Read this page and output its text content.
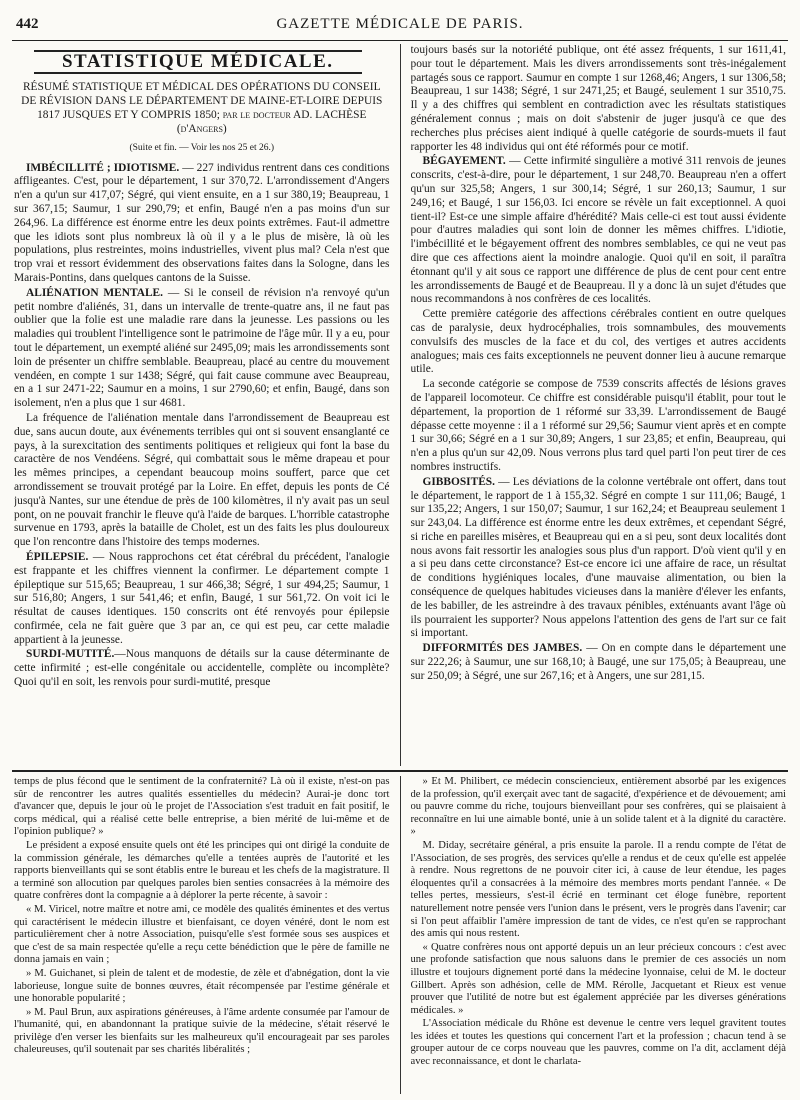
442	GAZETTE MÉDICALE DE PARIS.
STATISTIQUE MÉDICALE.

RÉSUMÉ STATISTIQUE ET MÉDICAL DES OPÉRATIONS DU CONSEIL DE RÉVISION DANS LE DÉPARTEMENT DE MAINE-ET-LOIRE DEPUIS 1817 JUSQUES ET Y COMPRIS 1850; par le docteur AD. LACHÈSE (d'Angers)

(Suite et fin. — Voir les nos 25 et 26.)

IMBÉCILLITÉ ; IDIOTISME. — 227 individus rentrent dans ces conditions affligeantes. C'est, pour le département, 1 sur 370,72. L'arrondissement d'Angers n'en a qu'un sur 417,07; Ségré, qui vient ensuite, en a 1 sur 380,19; Beaupreau, 1 sur 367,15; Saumur, 1 sur 290,79; et enfin, Baugé n'en a pas moins d'un sur 264,96. La différence est énorme entre les deux points extrêmes. Faut-il admettre que les idiots sont plus nombreux là où il y a le plus de misère, là où les populations, plus restreintes, moins industrielles, vivent plus mal? Cela n'est que trop vrai et ressort évidemment des observations faites dans la Sologne, dans les Marais-Pontins, dans quelques cantons de la Suisse.

ALIÉNATION MENTALE. — Si le conseil de révision n'a renvoyé qu'un petit nombre d'aliénés, 31, dans un intervalle de trente-quatre ans, il ne faut pas oublier que la folie est une maladie rare dans la jeunesse. Les passions ou les maladies qui troublent l'intelligence sont le patrimoine de l'âge mûr. Il y a eu, pour tout le département, un exempté aliéné sur 2495,09; mais les arrondissements sont loin de présenter un chiffre semblable. Beaupreau, placé au centre du mouvement vendéen, en compte 1 sur 1438; Ségré, qui fait cause commune avec Beaupreau, en a 1 sur 2471-22; Saumur en a moins, 1 sur 2790,60; et enfin, Baugé, dans son isolement, n'en a plus que 1 sur 4681.

La fréquence de l'aliénation mentale dans l'arrondissement de Beaupreau est due, sans aucun doute, aux événements terribles qui ont si souvent ensanglanté ce pays, à la surexcitation des sentiments politiques et religieux qui font la base du caractère de nos Vendéens. Ségré, qui combattait sous le même drapeau et pour les mêmes principes, a cependant beaucoup moins souffert, parce que cet arrondissement se trouvait protégé par la Loire. En effet, depuis les ponts de Cé jusqu'à Nantes, sur une étendue de près de 100 kilomètres, il n'y avait pas un seul pont, on ne pouvait franchir le fleuve qu'à l'aide de barques. L'horrible catastrophe survenue en 1793, après la bataille de Cholet, est un des faits les plus douloureux que l'on rencontre dans l'histoire des temps modernes.

ÉPILEPSIE. — Nous rapprochons cet état cérébral du précédent, l'analogie est frappante et les chiffres viennent la confirmer. Le département compte 1 épileptique sur 515,65; Beaupreau, 1 sur 466,38; Ségré, 1 sur 494,25; Saumur, 1 sur 516,80; Angers, 1 sur 541,46; et enfin, Baugé, 1 sur 561,72. On voit ici le résultat de causes identiques. 150 conscrits ont été renvoyés pour épilepsie confirmée, cela ne fait guère que 3 par an, ce qui est peu, car cette maladie appartient à la jeunesse.

SURDI-MUTITÉ.—Nous manquons de détails sur la cause déterminante de cette infirmité ; est-elle congénitale ou accidentelle, complète ou incomplète? Quoi qu'il en soit, les renvois pour surdi-mutité, presque

toujours basés sur la notoriété publique, ont été assez fréquents, 1 sur 1611,41, pour tout le département. Mais les divers arrondissements sont très-inégalement partagés sous ce rapport. Saumur en compte 1 sur 1268,46; Angers, 1 sur 1306,58; Beaupreau, 1 sur 1438; Ségré, 1 sur 2471,25; et Baugé, seulement 1 sur 3510,75. Il y a des chiffres qui semblent en contradiction avec les résultats statistiques généralement connus ; mais on doit s'abstenir de juger jusqu'à ce que des recherches plus précises aient indiqué à quelle catégorie de sourds-muets il faut rapporter les 48 individus qui ont été réformés pour ce motif.

BÉGAYEMENT. — Cette infirmité singulière a motivé 311 renvois de jeunes conscrits, c'est-à-dire, pour le département, 1 sur 248,70. Beaupreau n'en a offert qu'un sur 325,58; Angers, 1 sur 300,14; Ségré, 1 sur 260,13; Saumur, 1 sur 249,16; et Baugé, 1 sur 156,03. Ici encore se révèle un fait exceptionnel. A quoi tient-il? Est-ce une simple affaire d'hérédité? Mais celle-ci est tout aussi évidente pour d'autres maladies qui sont loin de donner les mêmes chiffres. L'idiotie, l'imbécillité et le bégayement offrent des nombres semblables, ce qui ne veut pas dire que ces affections aient la moindre analogie. Quoi qu'il en soit, il paraîtra étonnant qu'il y ait sous ce rapport une différence de plus de cent pour cent entre les arrondissements de Baugé et de Beaupreau. Il y a donc là un sujet d'études que nous recommandons à nos confrères de ces localités.

Cette première catégorie des affections cérébrales contient en outre quelques cas de paralysie, deux hydrocéphalies, trois somnambules, des mouvements convulsifs des muscles de la face et du col, des vertiges et autres accidents analogues; mais ces faits exceptionnels ne peuvent donner lieu à aucune remarque utile.

La seconde catégorie se compose de 7539 conscrits affectés de lésions graves de l'appareil locomoteur. Ce chiffre est considérable puisqu'il établit, pour tout le département, la proportion de 1 réformé sur 33,39. L'arrondissement de Baugé dépasse cette moyenne : il a 1 réformé sur 29,56; Saumur vient après et en compte 1 sur 30,66; Ségré en a 1 sur 30,89; Angers, 1 sur 23,85; et enfin, Beaupreau, qui n'en a plus qu'un sur 42,09. Nous verrons plus tard quel parti l'on peut tirer de ces nombres instructifs.

GIBBOSITÉS. — Les déviations de la colonne vertébrale ont offert, dans tout le département, le rapport de 1 à 155,32. Ségré en compte 1 sur 111,06; Baugé, 1 sur 135,22; Angers, 1 sur 150,07; Saumur, 1 sur 162,24; et Beaupreau seulement 1 sur 243,04. La différence est énorme entre les deux extrêmes, et cependant Ségré, si riche en pareilles misères, et Beaupreau qui en a si peu, sont deux localités dont nous avons fait ressortir les analogies sous plus d'un rapport. D'où vient qu'il y en a si peu dans cette circonstance? Est-ce encore ici une affaire de race, un résultat de conditions hygiéniques locales, d'une mauvaise alimentation, ou bien la conséquence de quelques habitudes vicieuses dans la manière d'élever les enfants, de les babiller, de les astreindre à des travaux pénibles, exténuants avant l'âge où ils pourraient les supporter? Nous appelons l'attention des gens de l'art sur ce fait si important.

DIFFORMITÉS DES JAMBES. — On en compte dans le département une sur 222,26; à Saumur, une sur 168,10; à Baugé, une sur 175,05; à Beaupreau, une sur 250,09; à Ségré, une sur 267,16; et à Angers, une sur 281,15.

temps de plus fécond que le sentiment de la confraternité? Là où il existe, n'est-on pas sûr de rencontrer les autres qualités essentielles du médecin? Aurai-je donc tort d'avancer que, depuis le jour où le projet de l'Association s'est traduit en fait positif, le corps médical, qui a réalisé cette belle entreprise, a bien mérité de lui-même et de l'opinion publique? »

Le président a exposé ensuite quels ont été les principes qui ont dirigé la conduite de la commission générale, les démarches qu'elle a tentées auprès de l'autorité et les rapports bienveillants qui se sont établis entre le bureau et les chefs de la magistrature. Il a terminé son allocution par quelques paroles bien senties consacrées à la mémoire des quatre confrères dont la compagnie a à déplorer la perte récente, à savoir :

« M. Viricel, notre maître et notre ami, ce modèle des qualités éminentes et des vertus qui caractérisent le médecin illustre et bienfaisant, ce doyen vénéré, dont le nom est particulièrement cher à notre Association, puisqu'elle s'est formée sous ses auspices et que c'est de sa main respectée qu'elle a reçu cette bénédiction que le père de famille ne donna jamais en vain ;

» M. Guichanet, si plein de talent et de modestie, de zèle et d'abnégation, dont la vie laborieuse, longue suite de bonnes œuvres, était récompensée par l'estime générale et une honorable popularité ;

» M. Paul Brun, aux aspirations généreuses, à l'âme ardente consumée par l'amour de l'humanité, qui, en abandonnant la pratique suivie de la médecine, s'était réservé le privilège d'en verser les bienfaits sur les malheureux qu'il encourageait par ses paroles chaleureuses, qu'il soutenait par ses charités libéralités ;

» Et M. Philibert, ce médecin consciencieux, entièrement absorbé par les exigences de la profession, qu'il exerçait avec tant de sagacité, d'expérience et de dévouement; ami ou pauvre comme du riche, toujours bienveillant pour ses confrères, qui se plaisaient à reconnaître en lui une aimable bonté, unie à un solide talent et à la dignité du caractère. »

M. Diday, secrétaire général, a pris ensuite la parole. Il a rendu compte de l'état de l'Association, de ses progrès, des services qu'elle a rendus et de ceux qu'elle est appelée à rendre. Nous regrettons de ne pouvoir citer ici, à cause de leur étendue, les pages éloquentes qu'il a consacrées à la mémoire des membres morts pendant l'année. « De telles pertes, messieurs, s'est-il écrié en terminant cet éloge funèbre, reportent naturellement notre pensée vers l'union dans le présent, vers le progrès dans l'avenir; car si l'on peut affaiblir l'amère impression de tant de vides, ce n'est qu'en se rapprochant des amis qui nous restent.

« Quatre confrères nous ont apporté depuis un an leur précieux concours : c'est avec une profonde satisfaction que nous saluons dans le premier de ces associés un nom illustre et toujours dignement porté dans la médecine lyonnaise, celui de M. le docteur Gillbert. Après son adhésion, celle de MM. Rérolle, Jacquetant et Rieux est venue prouver que l'utilité de notre but est également appréciée par les diverses générations médicales. »

L'Association médicale du Rhône est devenue le centre vers lequel gravitent toutes les idées et toutes les questions qui concernent l'art et la profession ; chacun tend à se grouper autour de ce corps nouveau que les pauvres, comme on l'a dit, acclament déjà avec reconnaissance, et dont le charlata-
